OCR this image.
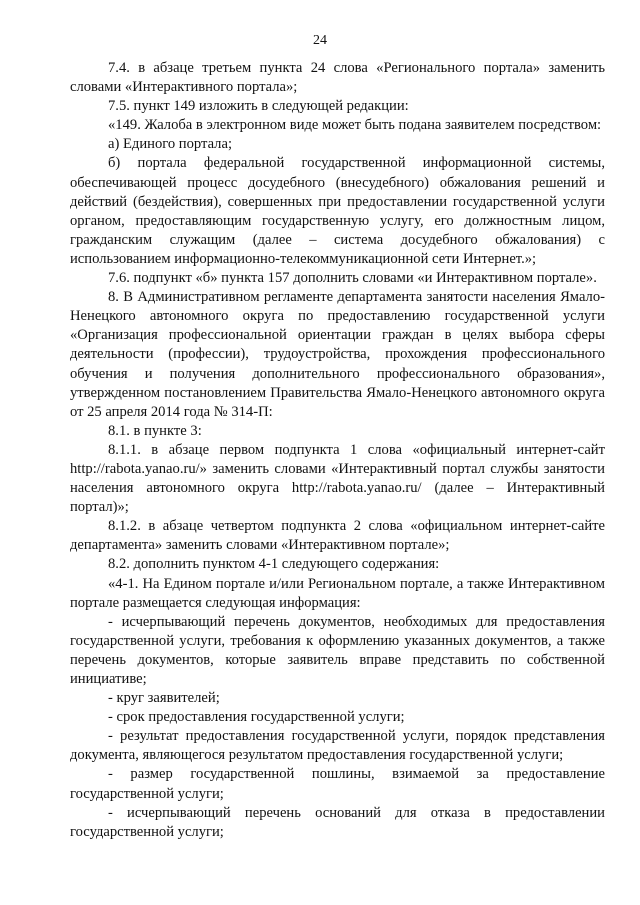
24

7.4. в абзаце третьем пункта 24 слова «Регионального портала» заменить словами «Интерактивного портала»;

7.5. пункт 149 изложить в следующей редакции:

«149. Жалоба в электронном виде может быть подана заявителем посредством:

а) Единого портала;

б) портала федеральной государственной информационной системы, обеспечивающей процесс досудебного (внесудебного) обжалования решений и действий (бездействия), совершенных при предоставлении государственной услуги органом, предоставляющим государственную услугу, его должностным лицом, гражданским служащим (далее – система досудебного обжалования) с использованием информационно-телекоммуникационной сети Интернет.»;

7.6. подпункт «б» пункта 157 дополнить словами «и Интерактивном портале».

8. В Административном регламенте департамента занятости населения Ямало-Ненецкого автономного округа по предоставлению государственной услуги «Организация профессиональной ориентации граждан в целях выбора сферы деятельности (профессии), трудоустройства, прохождения профессионального обучения и получения дополнительного профессионального образования», утвержденном постановлением Правительства Ямало-Ненецкого автономного округа от 25 апреля 2014 года № 314-П:

8.1. в пункте 3:

8.1.1. в абзаце первом подпункта 1 слова «официальный интернет-сайт http://rabota.yanao.ru/» заменить словами «Интерактивный портал службы занятости населения автономного округа http://rabota.yanao.ru/ (далее – Интерактивный портал)»;

8.1.2. в абзаце четвертом подпункта 2 слова «официальном интернет-сайте департамента» заменить словами «Интерактивном портале»;

8.2. дополнить пунктом 4-1 следующего содержания:

«4-1. На Едином портале и/или Региональном портале, а также Интерактивном портале размещается следующая информация:

- исчерпывающий перечень документов, необходимых для предоставления государственной услуги, требования к оформлению указанных документов, а также перечень документов, которые заявитель вправе представить по собственной инициативе;

- круг заявителей;

- срок предоставления государственной услуги;

- результат предоставления государственной услуги, порядок представления документа, являющегося результатом предоставления государственной услуги;

- размер государственной пошлины, взимаемой за предоставление государственной услуги;

- исчерпывающий перечень оснований для отказа в предоставлении государственной услуги;
